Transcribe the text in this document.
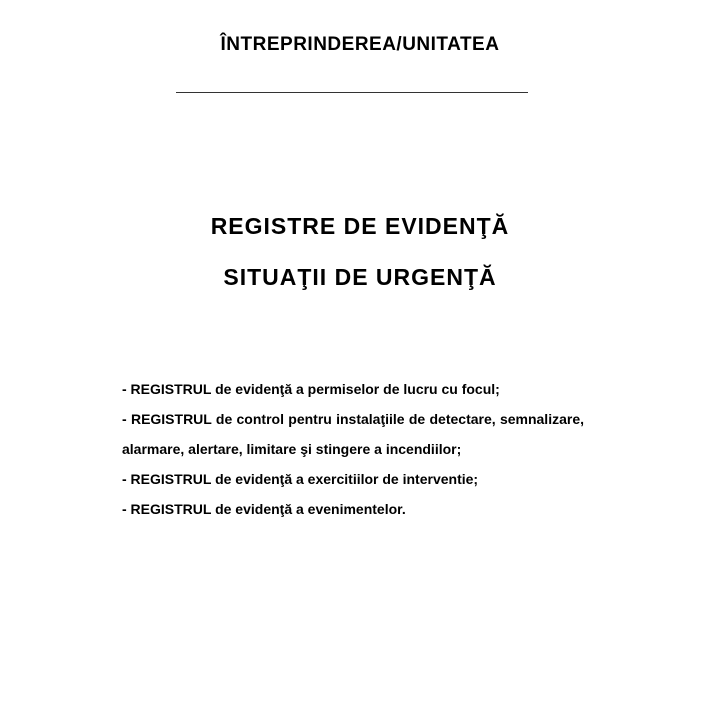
ÎNTREPRINDEREA/UNITATEA
REGISTRE DE EVIDENŢĂ
SITUAŢII DE URGENŢĂ
- REGISTRUL de evidenţă a permiselor de lucru cu focul;
- REGISTRUL de control pentru instalaţiile de detectare, semnalizare, alarmare, alertare, limitare şi stingere a incendiilor;
- REGISTRUL de evidenţă a exercitiilor de interventie;
- REGISTRUL de evidenţă a evenimentelor.
